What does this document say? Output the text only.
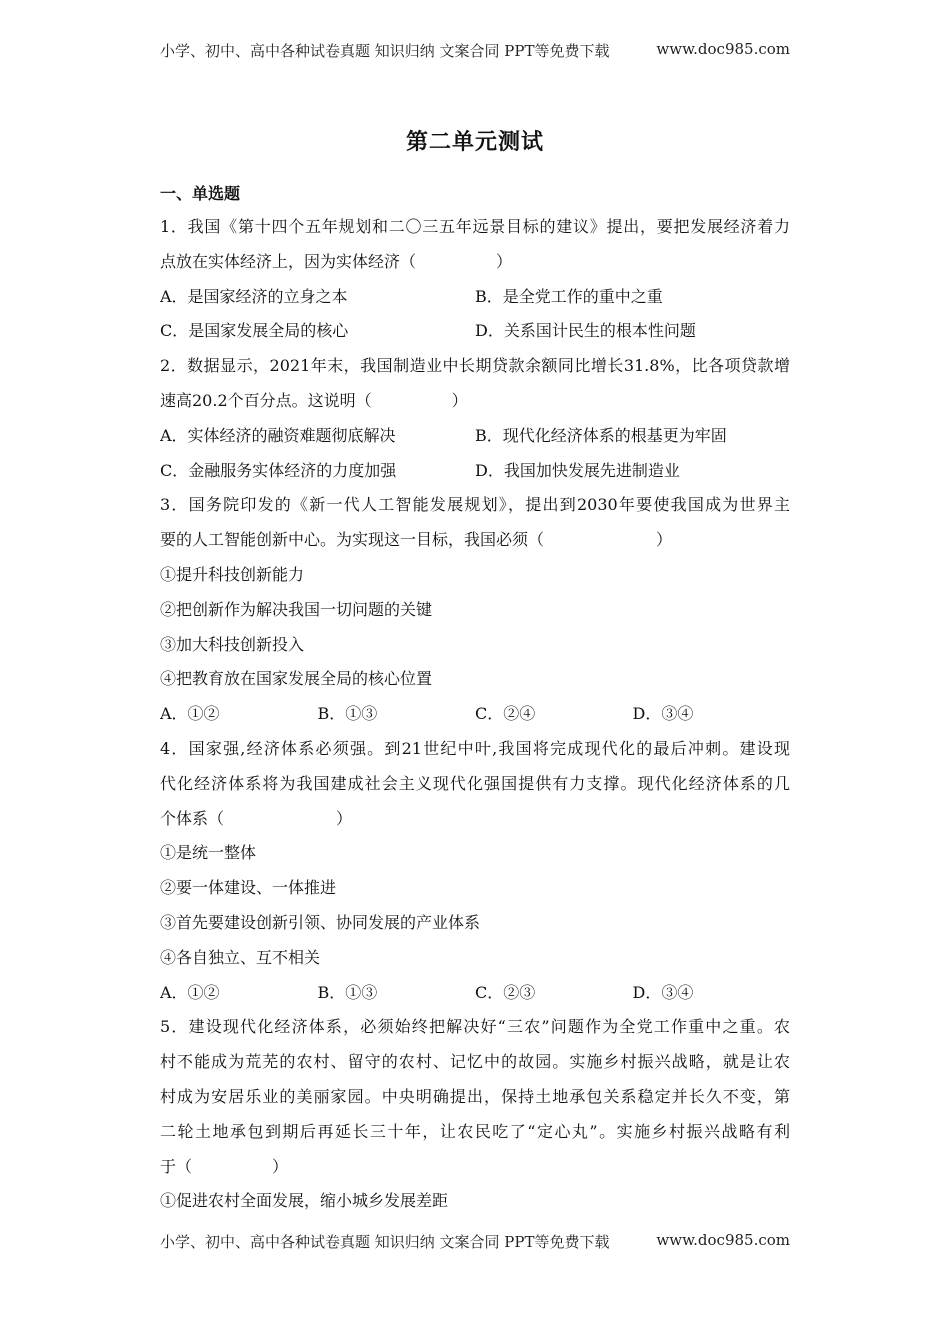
小学、初中、高中各种试卷真题 知识归纳 文案合同 PPT等免费下载	www.doc985.com
第二单元测试
一、单选题
1．我国《第十四个五年规划和二〇三五年远景目标的建议》提出，要把发展经济着力
点放在实体经济上，因为实体经济（　　　　　）
A．是国家经济的立身之本	B．是全党工作的重中之重
C．是国家发展全局的核心	D．关系国计民生的根本性问题
2．数据显示，2021年末，我国制造业中长期贷款余额同比增长31.8%，比各项贷款增
速高20.2个百分点。这说明（　　　　　）
A．实体经济的融资难题彻底解决	B．现代化经济体系的根基更为牢固
C．金融服务实体经济的力度加强	D．我国加快发展先进制造业
3．国务院印发的《新一代人工智能发展规划》，提出到2030年要使我国成为世界主
要的人工智能创新中心。为实现这一目标，我国必须（　　　　　　　）
①提升科技创新能力
②把创新作为解决我国一切问题的关键
③加大科技创新投入
④把教育放在国家发展全局的核心位置
A．①②	B．①③	C．②④	D．③④
4．国家强,经济体系必须强。到21世纪中叶,我国将完成现代化的最后冲刺。建设现
代化经济体系将为我国建成社会主义现代化强国提供有力支撑。现代化经济体系的几
个体系（　　　　　　　）
①是统一整体
②要一体建设、一体推进
③首先要建设创新引领、协同发展的产业体系
④各自独立、互不相关
A．①②	B．①③	C．②③	D．③④
5．建设现代化经济体系，必须始终把解决好“三农”问题作为全党工作重中之重。农
村不能成为荒芜的农村、留守的农村、记忆中的故园。实施乡村振兴战略，就是让农
村成为安居乐业的美丽家园。中央明确提出，保持土地承包关系稳定并长久不变，第
二轮土地承包到期后再延长三十年，让农民吃了“定心丸”。实施乡村振兴战略有利
于（　　　　　）
①促进农村全面发展，缩小城乡发展差距
小学、初中、高中各种试卷真题 知识归纳 文案合同 PPT等免费下载	www.doc985.com
